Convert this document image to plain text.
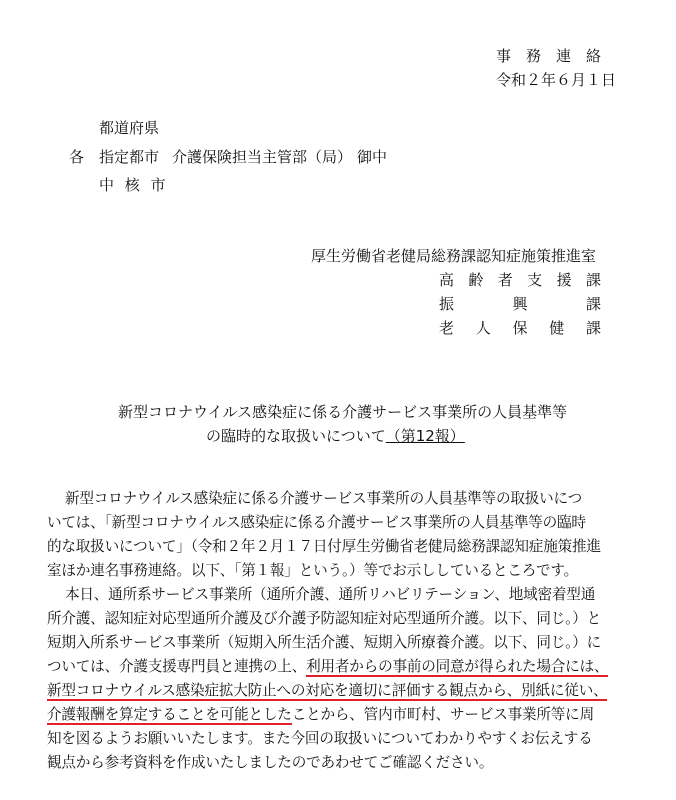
事　務　連　絡
令和２年６月１日
都道府県
各 指定都市 介護保険担当主管部（局） 御中
中 核 市
厚生労働省老健局総務課認知症施策推進室
高 齢 者 支 援 課
振	興	課
老 人 保 健 課
新型コロナウイルス感染症に係る介護サービス事業所の人員基準等
の臨時的な取扱いについて（第12報）
新型コロナウイルス感染症に係る介護サービス事業所の人員基準等の取扱いにつ
いては、「新型コロナウイルス感染症に係る介護サービス事業所の人員基準等の臨時
的な取扱いについて」（令和２年２月１７日付厚生労働省老健局総務課認知症施策推進
室ほか連名事務連絡。以下、「第１報」という。）等でお示ししているところです。
本日、通所系サービス事業所（通所介護、通所リハビリテーション、地域密着型通
所介護、認知症対応型通所介護及び介護予防認知症対応型通所介護。以下、同じ。）と
短期入所系サービス事業所（短期入所生活介護、短期入所療養介護。以下、同じ。）に
ついては、介護支援専門員と連携の上、利用者からの事前の同意が得られた場合には、
新型コロナウイルス感染症拡大防止への対応を適切に評価する観点から、別紙に従い、
介護報酬を算定することを可能としたことから、管内市町村、サービス事業所等に周
知を図るようお願いいたします。また今回の取扱いについてわかりやすくお伝えする
観点から参考資料を作成いたしましたのであわせてご確認ください。
